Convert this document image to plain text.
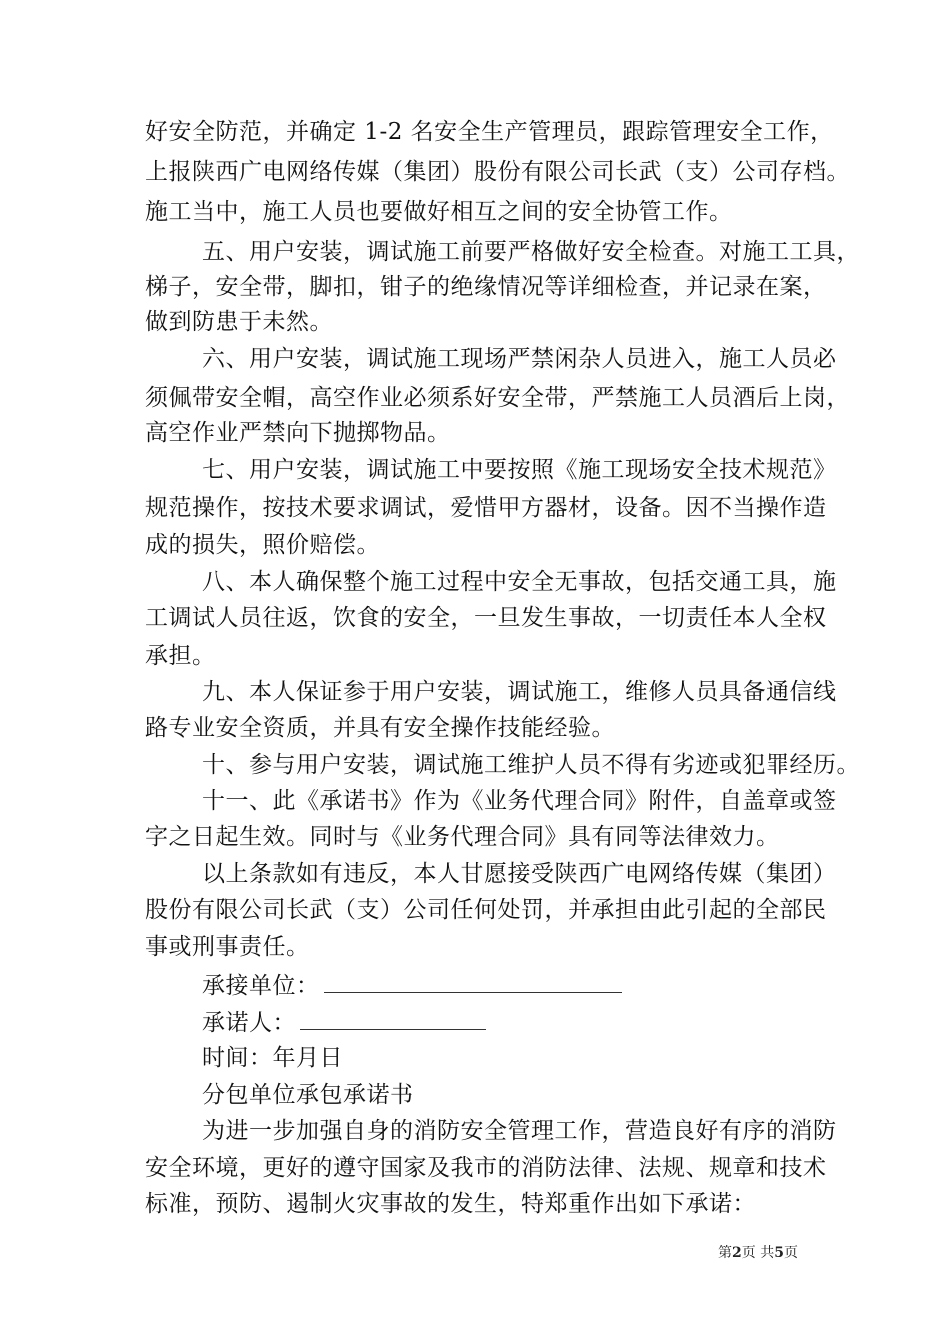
好安全防范，并确定 1-2 名安全生产管理员，跟踪管理安全工作，
上报陕西广电网络传媒（集团）股份有限公司长武（支）公司存档。
施工当中，施工人员也要做好相互之间的安全协管工作。
五、用户安装，调试施工前要严格做好安全检查。对施工工具，
梯子，安全带，脚扣，钳子的绝缘情况等详细检查，并记录在案，
做到防患于未然。
六、用户安装，调试施工现场严禁闲杂人员进入，施工人员必
须佩带安全帽，高空作业必须系好安全带，严禁施工人员酒后上岗，
高空作业严禁向下抛掷物品。
七、用户安装，调试施工中要按照《施工现场安全技术规范》
规范操作，按技术要求调试，爱惜甲方器材，设备。因不当操作造
成的损失，照价赔偿。
八、本人确保整个施工过程中安全无事故，包括交通工具，施
工调试人员往返，饮食的安全，一旦发生事故，一切责任本人全权
承担。
九、本人保证参于用户安装，调试施工，维修人员具备通信线
路专业安全资质，并具有安全操作技能经验。
十、参与用户安装，调试施工维护人员不得有劣迹或犯罪经历。
十一、此《承诺书》作为《业务代理合同》附件，自盖章或签
字之日起生效。同时与《业务代理合同》具有同等法律效力。
以上条款如有违反，本人甘愿接受陕西广电网络传媒（集团）
股份有限公司长武（支）公司任何处罚，并承担由此引起的全部民
事或刑事责任。
承接单位：
承诺人：
时间：年月日
分包单位承包承诺书
为进一步加强自身的消防安全管理工作，营造良好有序的消防
安全环境，更好的遵守国家及我市的消防法律、法规、规章和技术
标准，预防、遏制火灾事故的发生，特郑重作出如下承诺：
第2页 共5页
